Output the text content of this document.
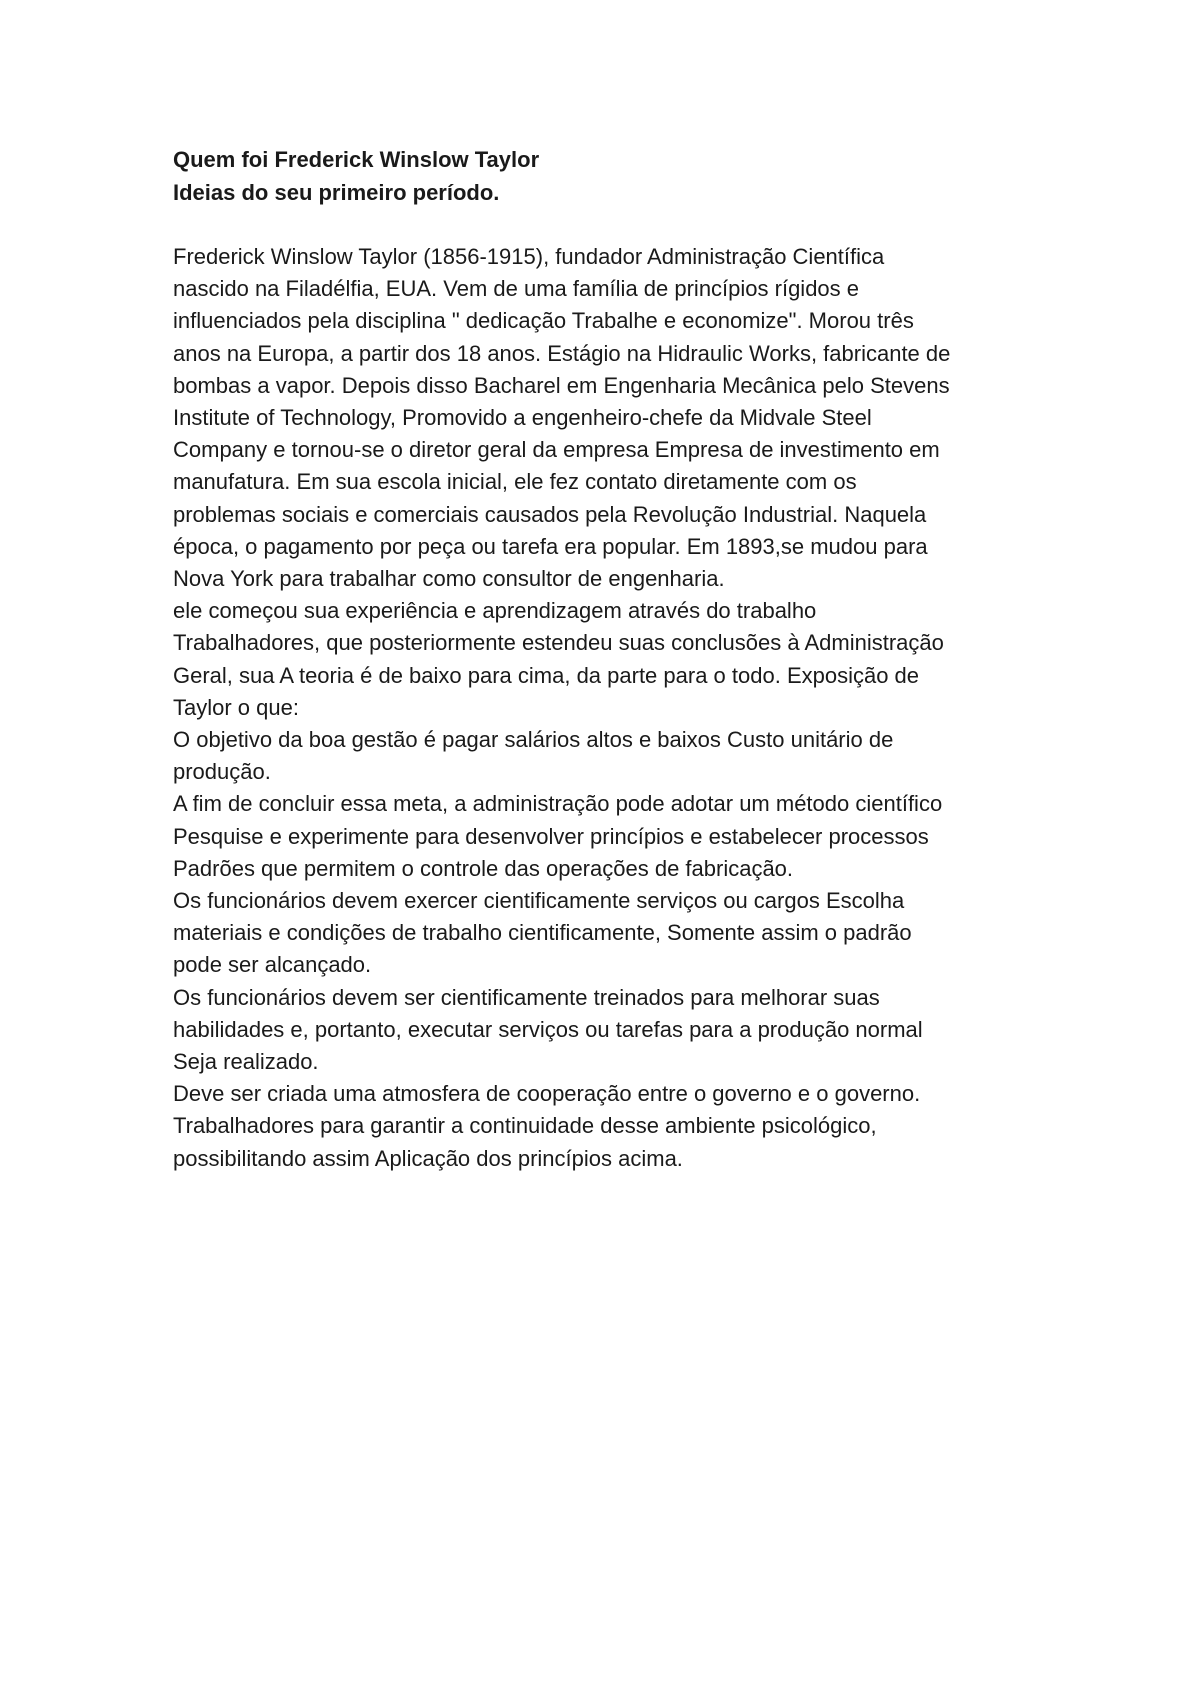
Quem foi Frederick Winslow Taylor

Ideias do seu primeiro período.

Frederick Winslow Taylor (1856-1915), fundador Administração Científica

nascido na Filadélfia, EUA. Vem de uma família de princípios rígidos e

influenciados pela disciplina " dedicação Trabalhe e economize". Morou três

anos na Europa, a partir dos 18 anos. Estágio na Hidraulic Works, fabricante de

bombas a vapor. Depois disso Bacharel em Engenharia Mecânica pelo Stevens

Institute of Technology, Promovido a engenheiro-chefe da Midvale Steel

Company e tornou-se o diretor geral da empresa Empresa de investimento em

manufatura. Em sua escola inicial, ele fez contato diretamente com os

problemas sociais e comerciais causados pela Revolução Industrial. Naquela

época, o pagamento por peça ou tarefa era popular. Em 1893,se mudou para

Nova York para trabalhar como consultor de engenharia.

ele começou sua experiência e aprendizagem através do trabalho

Trabalhadores, que posteriormente estendeu suas conclusões à Administração

Geral, sua A teoria é de baixo para cima, da parte para o todo. Exposição de

Taylor o que:

O objetivo da boa gestão é pagar salários altos e baixos Custo unitário de

produção.

A fim de concluir essa meta, a administração pode adotar um método científico

Pesquise e experimente para desenvolver princípios e estabelecer processos

Padrões que permitem o controle das operações de fabricação.

Os funcionários devem exercer cientificamente serviços ou cargos Escolha

materiais e condições de trabalho cientificamente, Somente assim o padrão

pode ser alcançado.

Os funcionários devem ser cientificamente treinados para melhorar suas

habilidades e, portanto, executar serviços ou tarefas para a produção normal

Seja realizado.

Deve ser criada uma atmosfera de cooperação entre o governo e o governo.

Trabalhadores para garantir a continuidade desse ambiente psicológico,

possibilitando assim Aplicação dos princípios acima.
